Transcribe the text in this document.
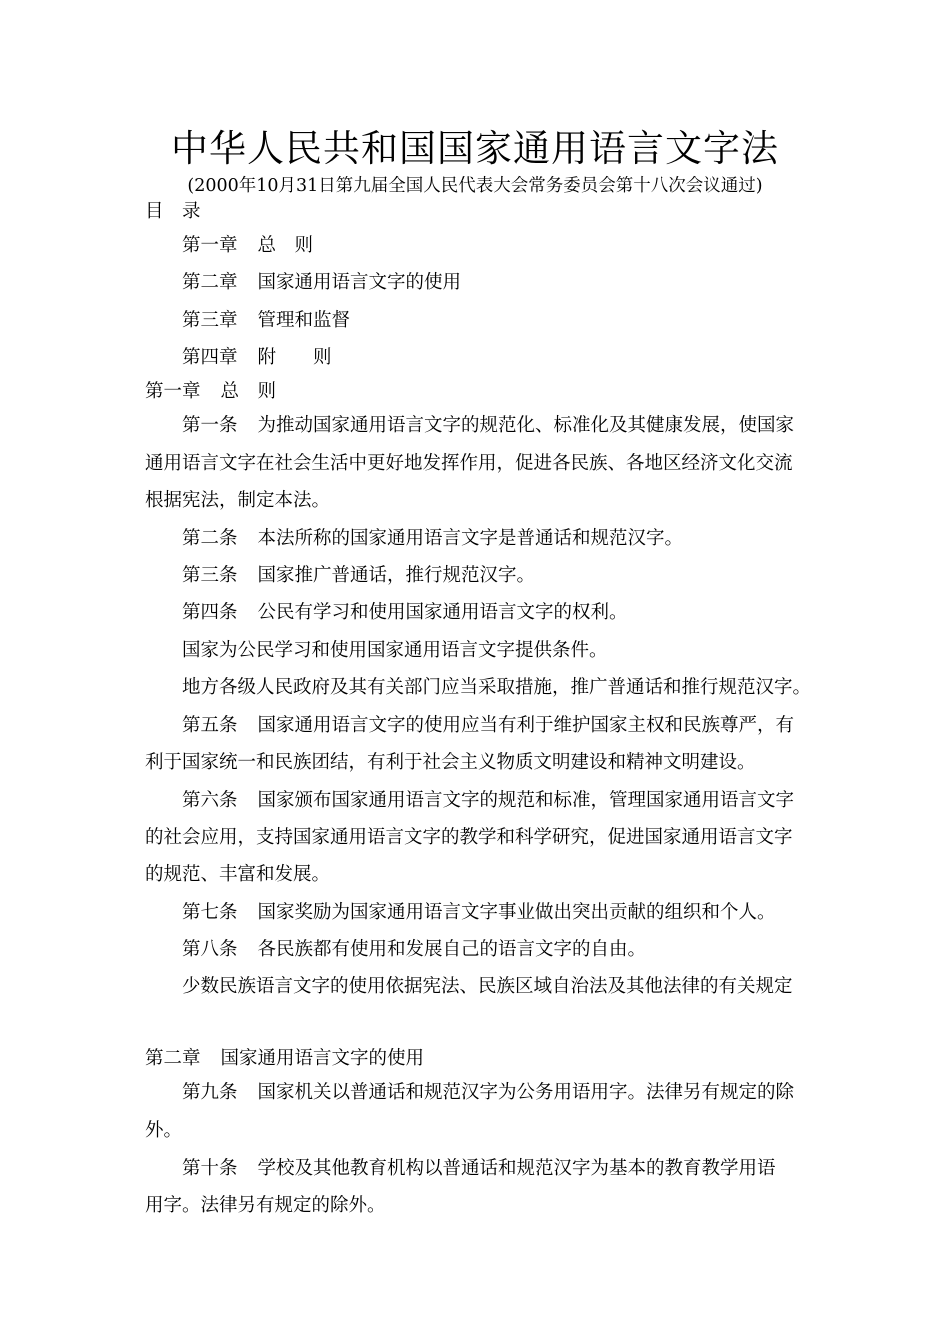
中华人民共和国国家通用语言文字法
(2000年10月31日第九届全国人民代表大会常务委员会第十八次会议通过)
目　录
第一章 总　则
第二章 国家通用语言文字的使用
第三章 管理和监督
第四章 附　　则
第一章 总　则
第一条 为推动国家通用语言文字的规范化、标准化及其健康发展，使国家
通用语言文字在社会生活中更好地发挥作用，促进各民族、各地区经济文化交流
根据宪法，制定本法。
第二条 本法所称的国家通用语言文字是普通话和规范汉字。
第三条 国家推广普通话，推行规范汉字。
第四条 公民有学习和使用国家通用语言文字的权利。
国家为公民学习和使用国家通用语言文字提供条件。
地方各级人民政府及其有关部门应当采取措施，推广普通话和推行规范汉字。
第五条 国家通用语言文字的使用应当有利于维护国家主权和民族尊严，有
利于国家统一和民族团结，有利于社会主义物质文明建设和精神文明建设。
第六条 国家颁布国家通用语言文字的规范和标准，管理国家通用语言文字
的社会应用，支持国家通用语言文字的教学和科学研究，促进国家通用语言文字
的规范、丰富和发展。
第七条 国家奖励为国家通用语言文字事业做出突出贡献的组织和个人。
第八条 各民族都有使用和发展自己的语言文字的自由。
少数民族语言文字的使用依据宪法、民族区域自治法及其他法律的有关规定
第二章 国家通用语言文字的使用
第九条 国家机关以普通话和规范汉字为公务用语用字。法律另有规定的除
外。
第十条 学校及其他教育机构以普通话和规范汉字为基本的教育教学用语
用字。法律另有规定的除外。
